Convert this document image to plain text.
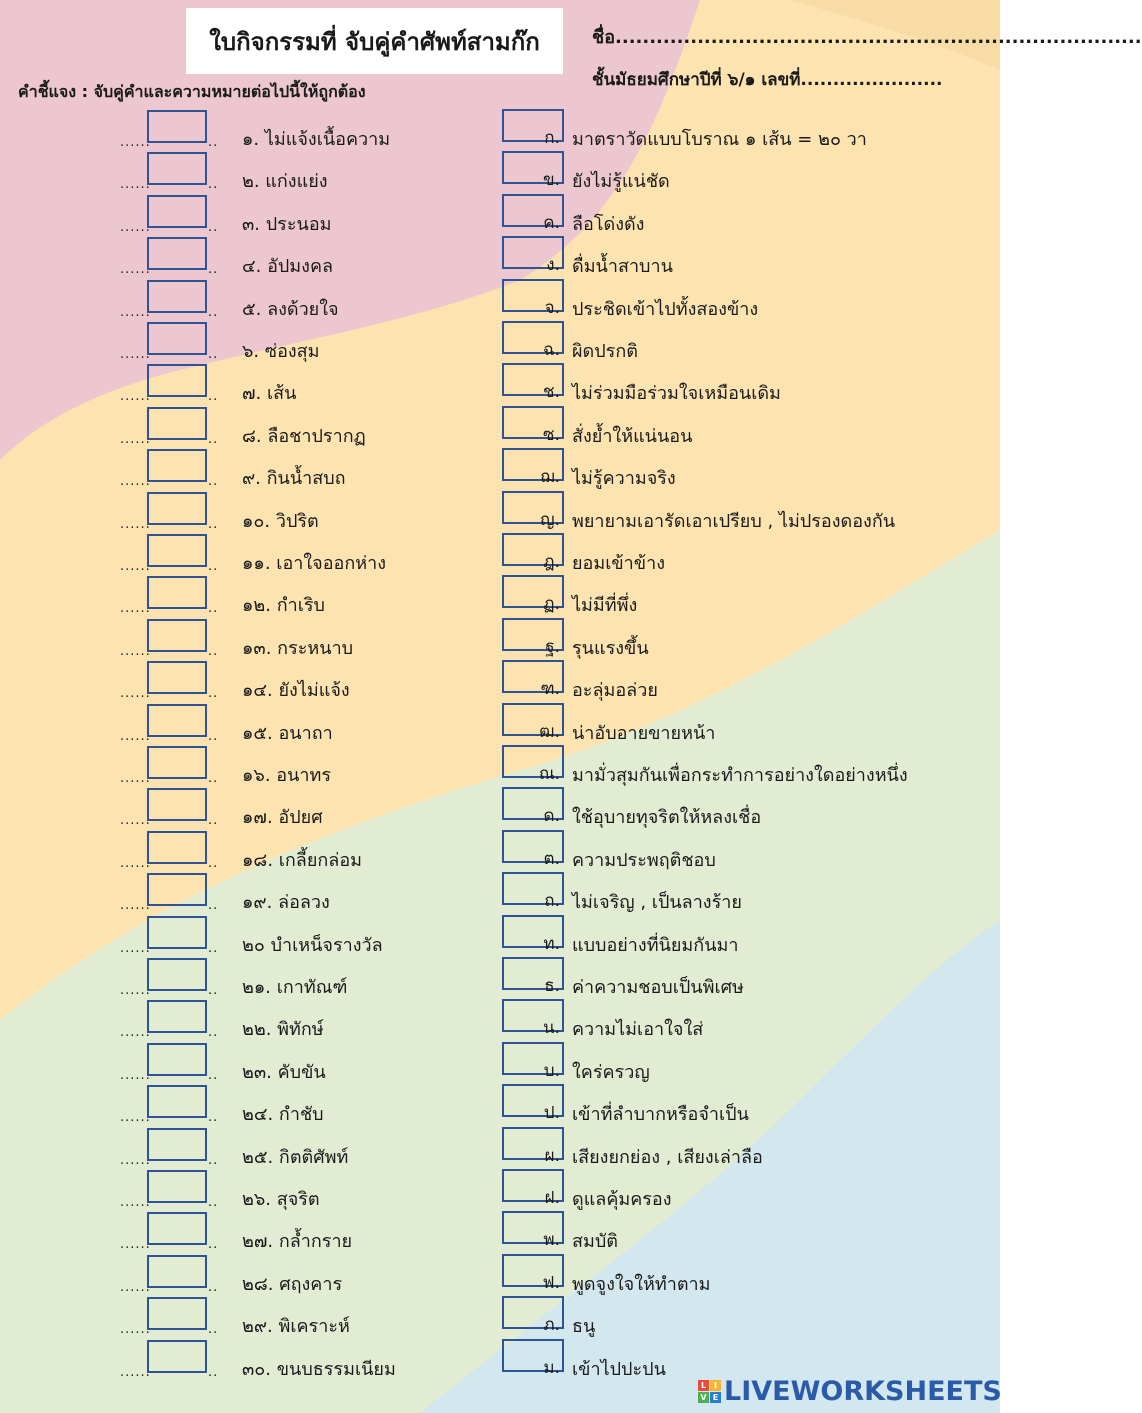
ใบกิจกรรมที่ จับคู่คำศัพท์สามก๊ก	ชื่อ.............................................................................
ชั้นมัธยมศึกษาปีที่ ๖/๑ เลขที่......................
คำชี้แจง : จับคู่คำและความหมายต่อไปนี้ให้ถูกต้อง
......	.. ๑. ไม่แจ้งเนื้อความ	ก. มาตราวัดแบบโบราณ ๑ เส้น = ๒๐ วา
......	.. ๒. แก่งแย่ง	ข. ยังไม่รู้แน่ชัด
......	.. ๓. ประนอม	ค. ลือโด่งดัง
......	.. ๔. อัปมงคล	ง. ดื่มน้ำสาบาน
......	.. ๕. ลงด้วยใจ	จ. ประชิดเข้าไปทั้งสองข้าง
......	.. ๖. ซ่องสุม	ฉ. ผิดปรกติ
......	.. ๗. เส้น	ช. ไม่ร่วมมือร่วมใจเหมือนเดิม
......	.. ๘. ลือชาปรากฏ	ซ. สั่งย้ำให้แน่นอน
......	.. ๙. กินน้ำสบถ	ฌ. ไม่รู้ความจริง
......	.. ๑๐. วิปริต	ญ. พยายามเอารัดเอาเปรียบ , ไม่ปรองดองกัน
......	.. ๑๑. เอาใจออกห่าง	ฎ. ยอมเข้าข้าง
......	.. ๑๒. กำเริบ	ฏ. ไม่มีที่พึ่ง
......	.. ๑๓. กระหนาบ	ฐ. รุนแรงขึ้น
......	.. ๑๔. ยังไม่แจ้ง	ฑ. อะลุ่มอล่วย
......	.. ๑๕. อนาถา	ฒ. น่าอับอายขายหน้า
......	.. ๑๖. อนาทร	ณ. มามั่วสุมกันเพื่อกระทำการอย่างใดอย่างหนึ่ง
......	.. ๑๗. อัปยศ	ด. ใช้อุบายทุจริตให้หลงเชื่อ
......	.. ๑๘. เกลี้ยกล่อม	ต. ความประพฤติชอบ
......	.. ๑๙. ล่อลวง	ถ. ไม่เจริญ , เป็นลางร้าย
......	.. ๒๐ บำเหน็จรางวัล	ท. แบบอย่างที่นิยมกันมา
......	.. ๒๑. เกาทัณฑ์	ธ. ค่าความชอบเป็นพิเศษ
......	.. ๒๒. พิทักษ์	น. ความไม่เอาใจใส่
......	.. ๒๓. คับขัน	บ. ใคร่ครวญ
......	.. ๒๔. กำชับ	ป. เข้าที่ลำบากหรือจำเป็น
......	.. ๒๕. กิตติศัพท์	ผ. เสียงยกย่อง , เสียงเล่าลือ
......	.. ๒๖. สุจริต	ฝ. ดูแลคุ้มครอง
......	.. ๒๗. กล้ำกราย	พ. สมบัติ
......	.. ๒๘. ศฤงคาร	ฟ. พูดจูงใจให้ทำตาม
......	.. ๒๙. พิเคราะห์	ภ. ธนู
......	.. ๓๐. ขนบธรรมเนียม	ม. เข้าไปปะปน
L I
V E LIVEWORKSHEETS
